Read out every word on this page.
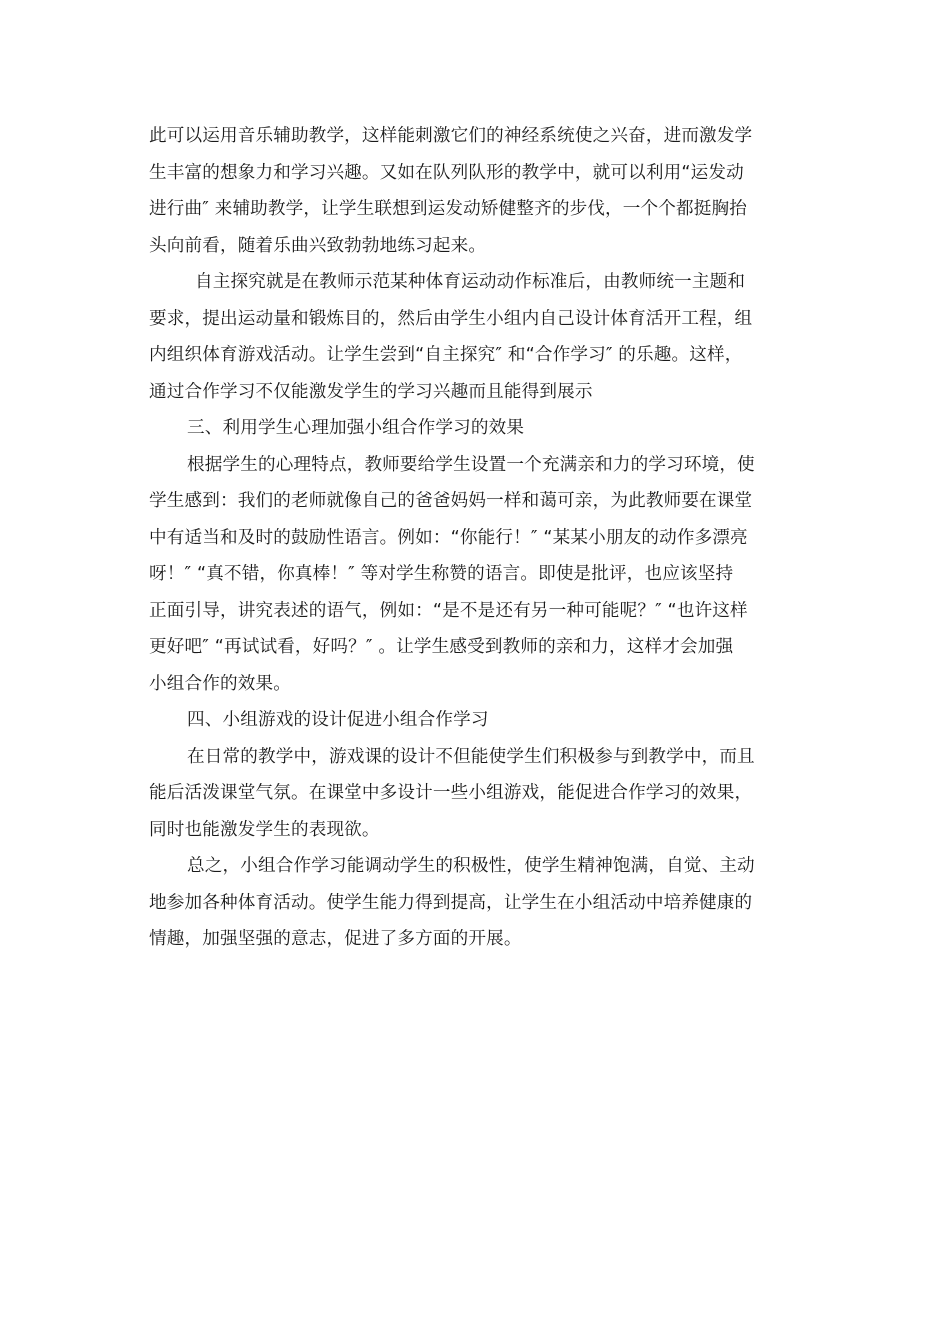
此可以运用音乐辅助教学，这样能刺激它们的神经系统使之兴奋，进而激发学
生丰富的想象力和学习兴趣。又如在队列队形的教学中，就可以利用“运发动
进行曲″ 来辅助教学，让学生联想到运发动矫健整齐的步伐，一个个都挺胸抬
头向前看，随着乐曲兴致勃勃地练习起来。
自主探究就是在教师示范某种体育运动动作标准后，由教师统一主题和
要求，提出运动量和锻炼目的，然后由学生小组内自己设计体育活开工程，组
内组织体育游戏活动。让学生尝到“自主探究″ 和“合作学习″ 的乐趣。这样，
通过合作学习不仅能激发学生的学习兴趣而且能得到展示
三、利用学生心理加强小组合作学习的效果
根据学生的心理特点，教师要给学生设置一个充满亲和力的学习环境，使
学生感到：我们的老师就像自己的爸爸妈妈一样和蔼可亲，为此教师要在课堂
中有适当和及时的鼓励性语言。例如：“你能行！″ “某某小朋友的动作多漂亮
呀！″ “真不错，你真棒！″ 等对学生称赞的语言。即使是批评，也应该坚持
正面引导，讲究表述的语气，例如：“是不是还有另一种可能呢？″ “也许这样
更好吧″ “再试试看，好吗？″ 。让学生感受到教师的亲和力，这样才会加强
小组合作的效果。
四、小组游戏的设计促进小组合作学习
在日常的教学中，游戏课的设计不但能使学生们积极参与到教学中，而且
能后活泼课堂气氛。在课堂中多设计一些小组游戏，能促进合作学习的效果，
同时也能激发学生的表现欲。
总之，小组合作学习能调动学生的积极性，使学生精神饱满，自觉、主动
地参加各种体育活动。使学生能力得到提高，让学生在小组活动中培养健康的
情趣，加强坚强的意志，促进了多方面的开展。
